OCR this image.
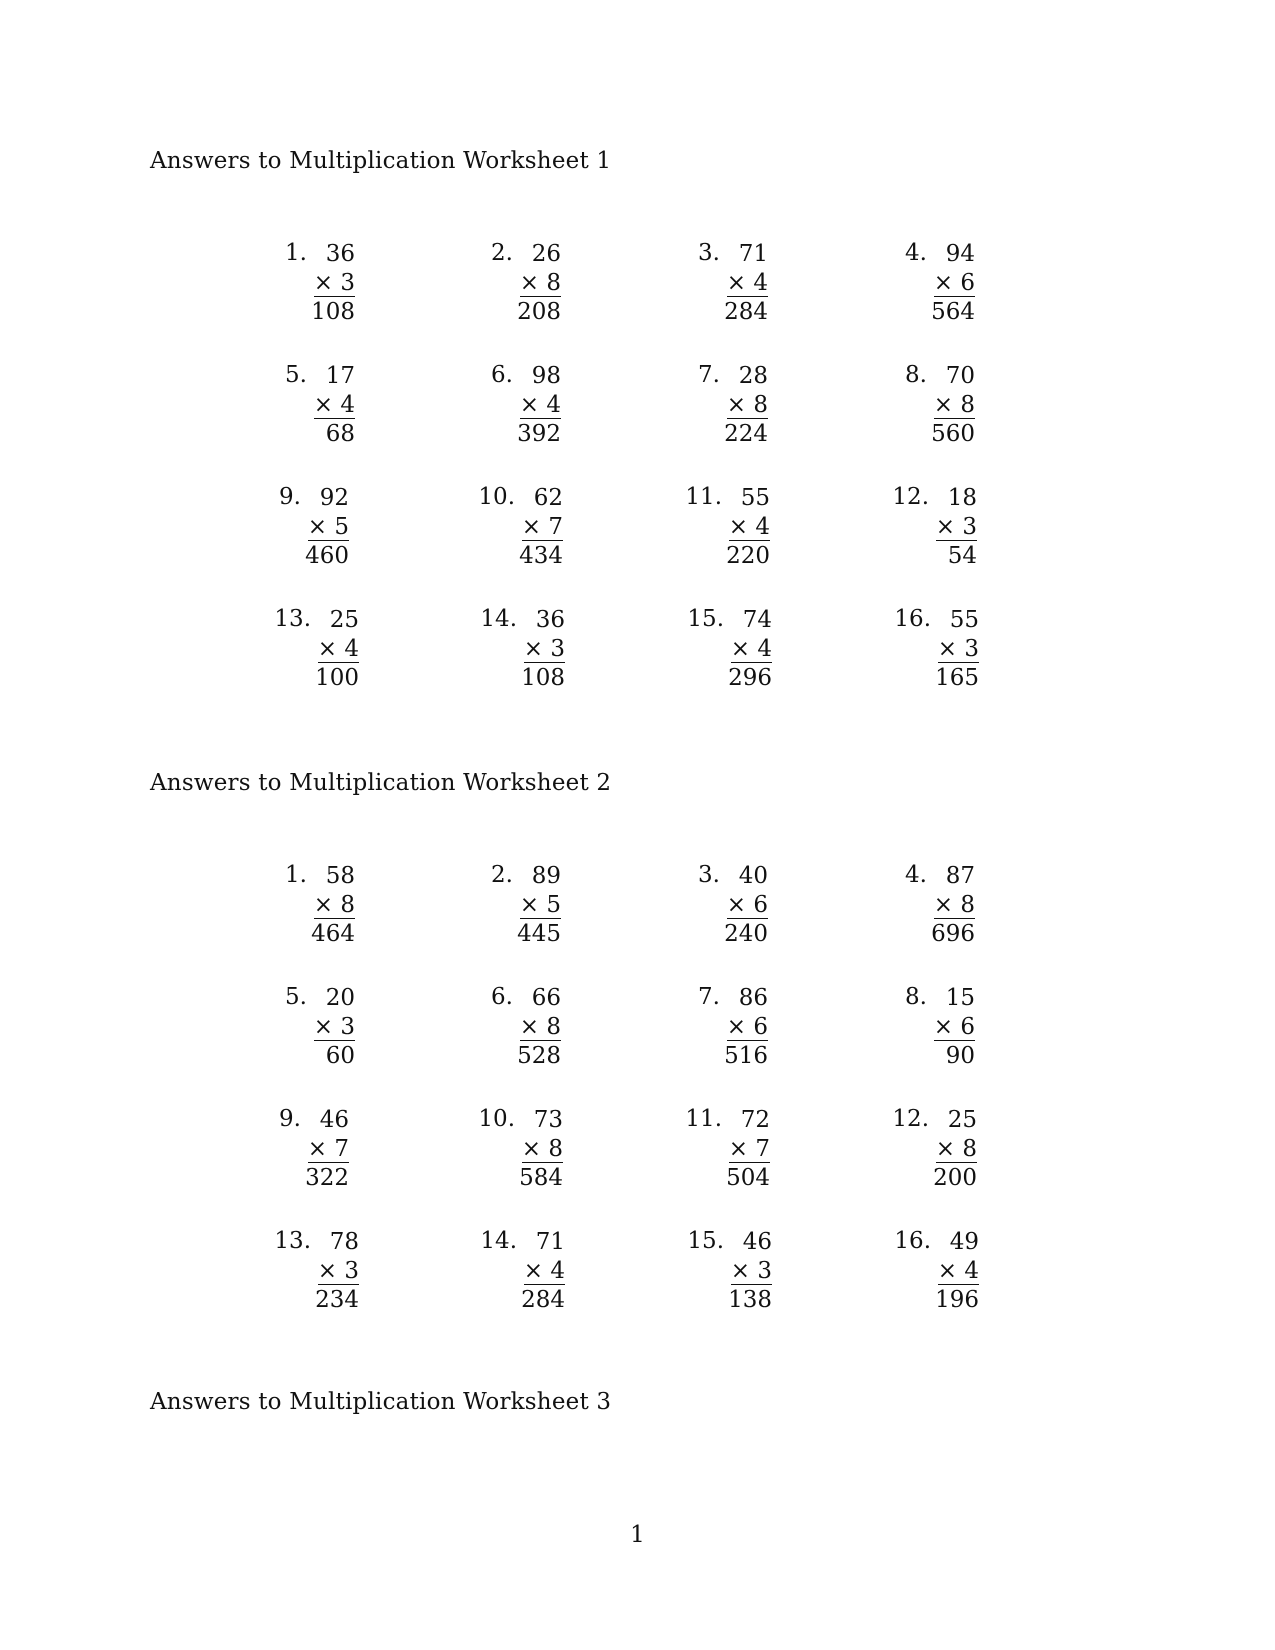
Answers to Multiplication Worksheet 1
1. 36
× 3
108
2. 26
× 8
208
3. 71
× 4
284
4. 94
× 6
564
5. 17
× 4
68
6. 98
× 4
392
7. 28
× 8
224
8. 70
× 8
560
9. 92
× 5
460
10. 62
× 7
434
11. 55
× 4
220
12. 18
× 3
54
13. 25
× 4
100
14. 36
× 3
108
15. 74
× 4
296
16. 55
× 3
165
Answers to Multiplication Worksheet 2
1. 58
× 8
464
2. 89
× 5
445
3. 40
× 6
240
4. 87
× 8
696
5. 20
× 3
60
6. 66
× 8
528
7. 86
× 6
516
8. 15
× 6
90
9. 46
× 7
322
10. 73
× 8
584
11. 72
× 7
504
12. 25
× 8
200
13. 78
× 3
234
14. 71
× 4
284
15. 46
× 3
138
16. 49
× 4
196
Answers to Multiplication Worksheet 3
1
